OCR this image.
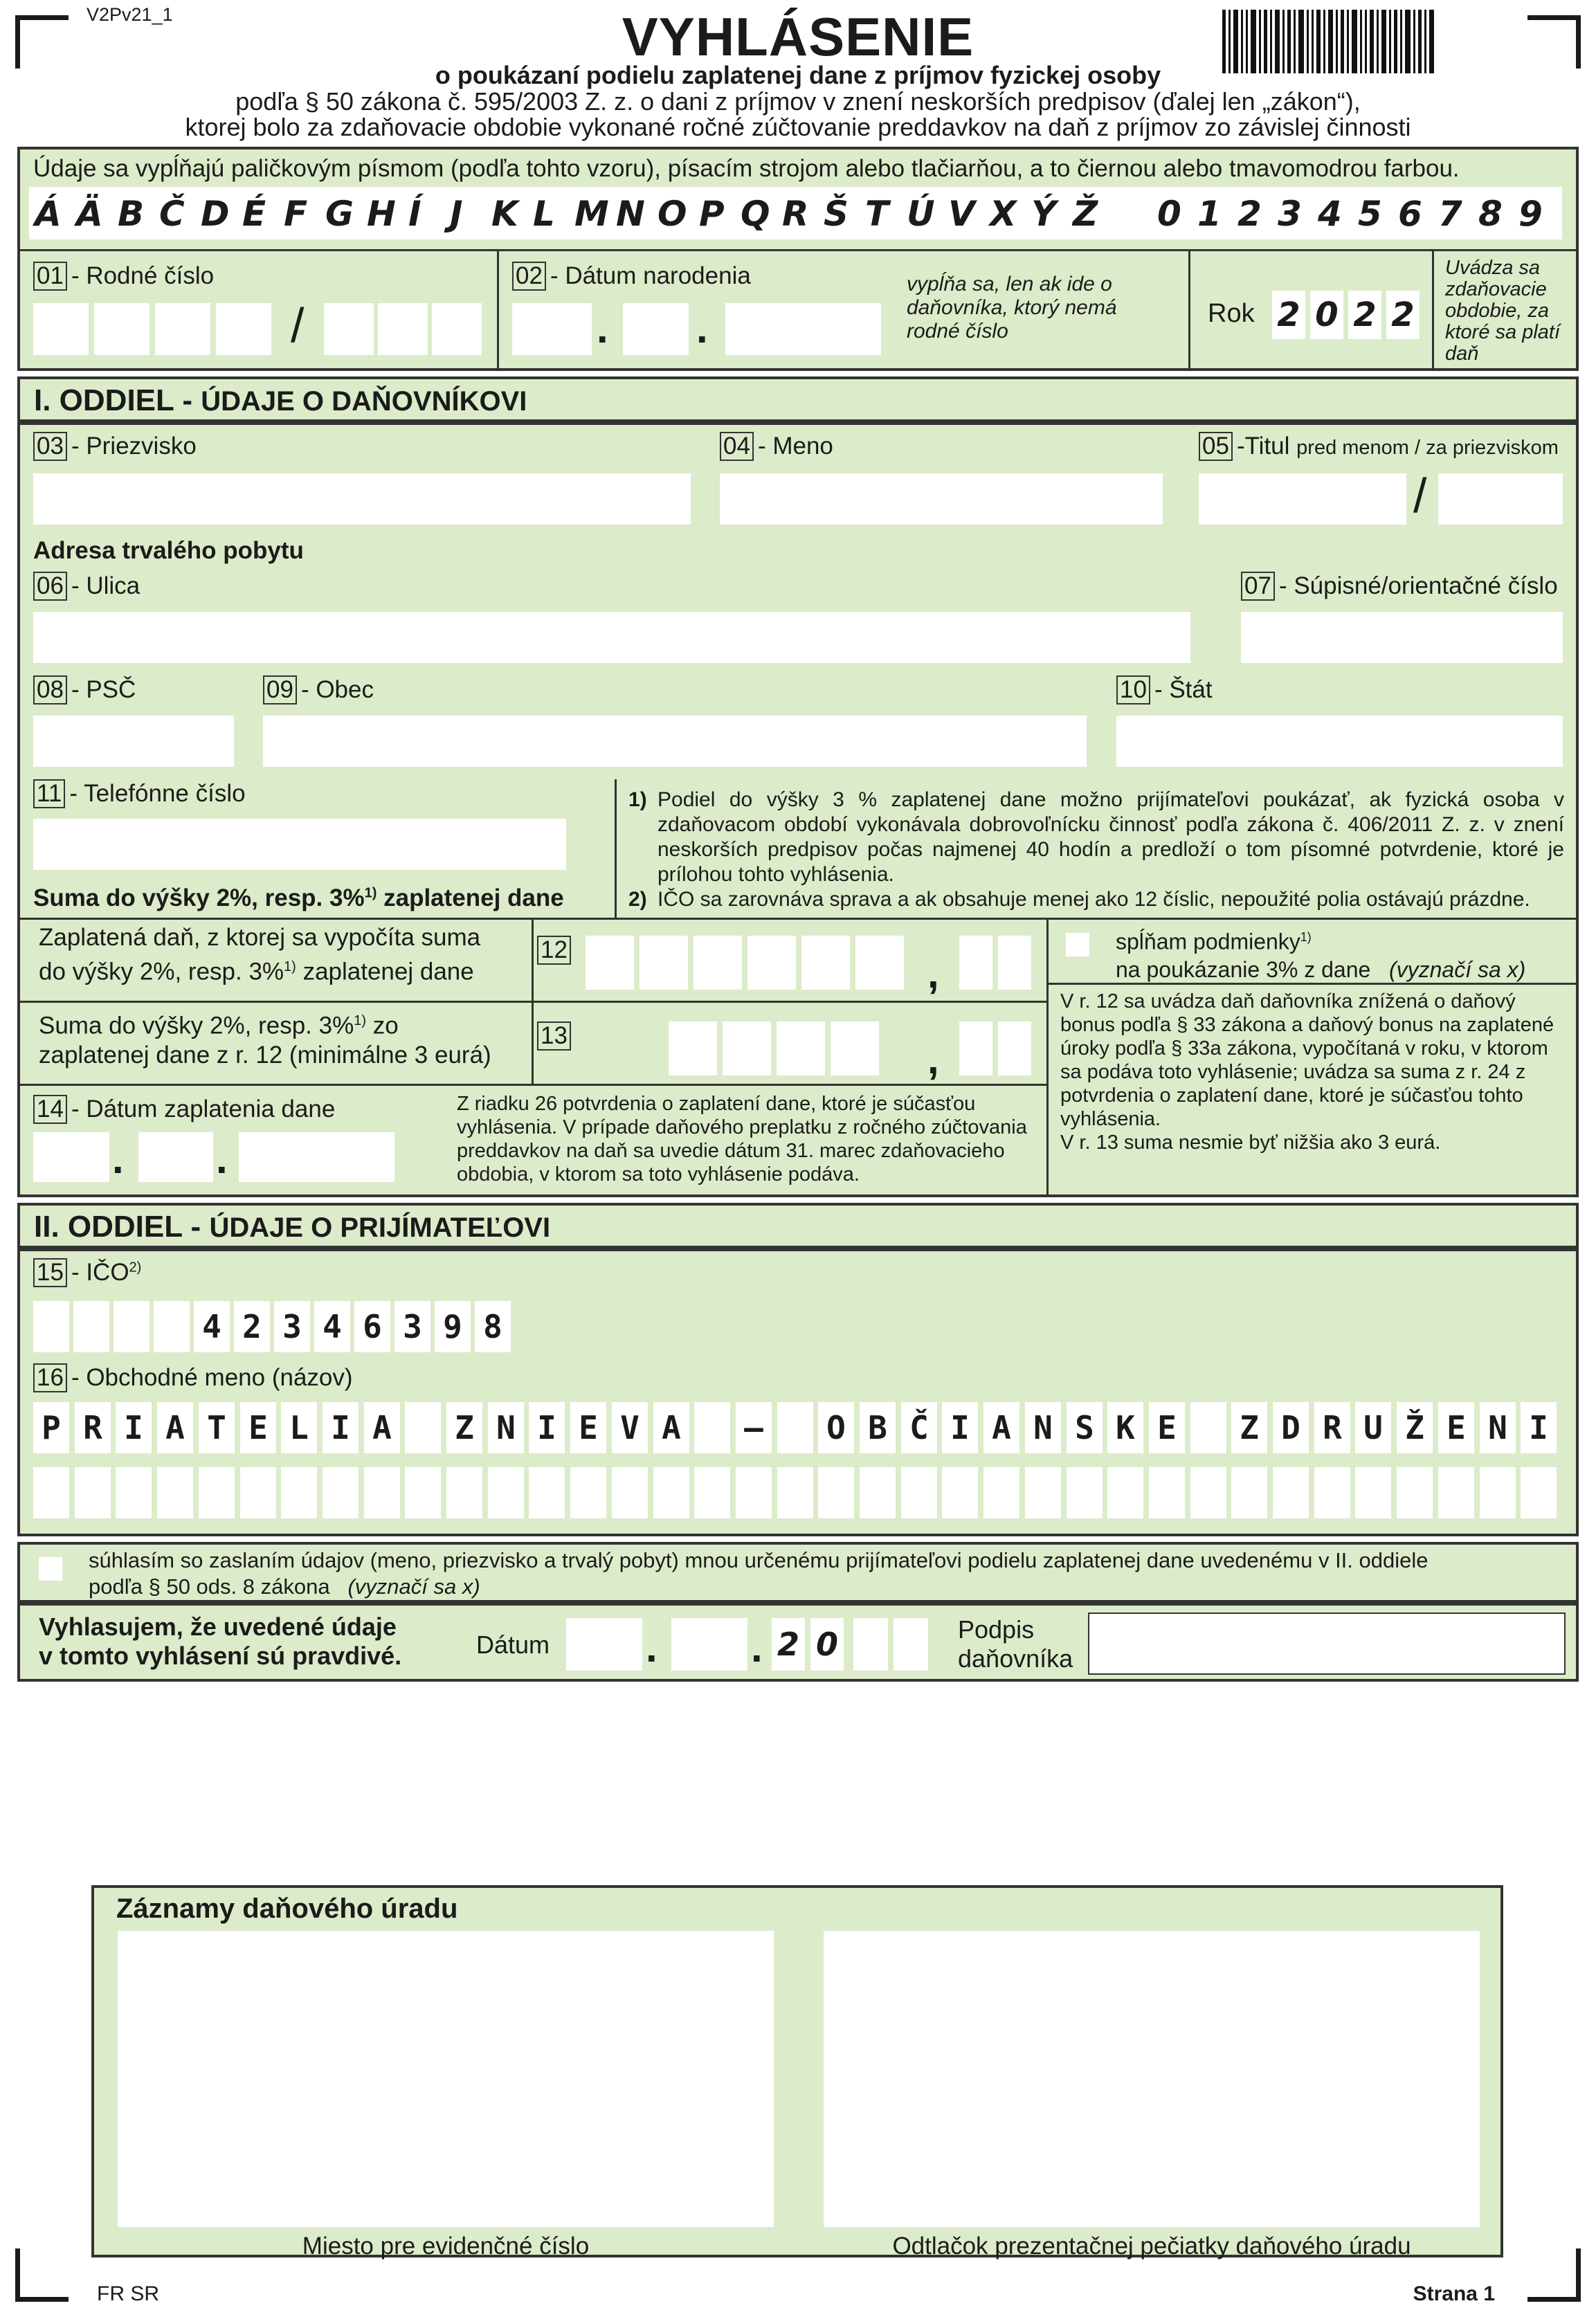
V2Pv21_1	VYHLÁSENIE
o poukázaní podielu zaplatenej dane z príjmov fyzickej osoby
podľa § 50 zákona č. 595/2003 Z. z. o dani z príjmov v znení neskorších predpisov (ďalej len „zákon“),
ktorej bolo za zdaňovacie obdobie vykonané ročné zúčtovanie preddavkov na daň z príjmov zo závislej činnosti
Údaje sa vypĺňajú paličkovým písmom (podľa tohto vzoru), písacím strojom alebo tlačiarňou, a to čiernou alebo tmavomodrou farbou.
Á Ä B Č D É F G H Í J K L M N O P Q R Š T Ú V X Ý Ž 0 1 2 3 4 5 6 7 8 9
01 - Rodné číslo
/
02 - Dátum narodenia
. .
vypĺňa sa, len ak ide o daňovníka, ktorý nemá rodné číslo
Rok 2 0 2 2
Uvádza sa zdaňovacie obdobie, za ktoré sa platí daň
I. ODDIEL - ÚDAJE O DAŇOVNÍKOVI
03 - Priezvisko	04 - Meno	05 -Titul pred menom / za priezviskom
/
Adresa trvalého pobytu
06 - Ulica	07 - Súpisné/orientačné číslo
08 - PSČ	09 - Obec	10 - Štát
11 - Telefónne číslo	1) Podiel do výšky 3 % zaplatenej dane možno prijímateľovi poukázať, ak fyzická osoba v zdaňovacom období vykonávala dobrovoľnícku činnosť podľa zákona č. 406/2011 Z. z. v znení neskorších predpisov počas najmenej 40 hodín a predloží o tom písomné potvrdenie, ktoré je prílohou tohto vyhlásenia.
2) IČO sa zarovnáva sprava a ak obsahuje menej ako 12 číslic, nepoužité polia ostávajú prázdne.
Suma do výšky 2%, resp. 3%$^{1)}$ zaplatenej dane
Zaplatená daň, z ktorej sa vypočíta suma
do výšky 2%, resp. 3%$^{1)}$ zaplatenej dane
12
,
Suma do výšky 2%, resp. 3%$^{1)}$ zo
zaplatenej dane z r. 12 (minimálne 3 eurá)
13
,
spĺňam podmienky$^{1)}$
na poukázanie 3% z dane (vyznačí sa x)
V r. 12 sa uvádza daň daňovníka znížená o daňový bonus podľa § 33 zákona a daňový bonus na zaplatené úroky podľa § 33a zákona, vypočítaná v roku, v ktorom sa podáva toto vyhlásenie; uvádza sa suma z r. 24 z potvrdenia o zaplatení dane, ktoré je súčasťou tohto vyhlásenia.
V r. 13 suma nesmie byť nižšia ako 3 eurá.
14 - Dátum zaplatenia dane
. .
Z riadku 26 potvrdenia o zaplatení dane, ktoré je súčasťou vyhlásenia. V prípade daňového preplatku z ročného zúčtovania preddavkov na daň sa uvedie dátum 31. marec zdaňovacieho obdobia, v ktorom sa toto vyhlásenie podáva.
II. ODDIEL - ÚDAJE O PRIJÍMATEĽOVI
15 - IČO$^{2)}$
4 2 3 4 6 3 9 8
16 - Obchodné meno (názov)
P R I A T E L I A Z N I E V A – O B Č I A N S K E Z D R U Ž E N I
súhlasím so zaslaním údajov (meno, priezvisko a trvalý pobyt) mnou určenému prijímateľovi podielu zaplatenej dane uvedenému v II. oddiele
podľa § 50 ods. 8 zákona (vyznačí sa x)
Vyhlasujem, že uvedené údaje
v tomto vyhlásení sú pravdivé.	Dátum . . 2 0	Podpis
daňovníka
Záznamy daňového úradu
Miesto pre evidenčné číslo	Odtlačok prezentačnej pečiatky daňového úradu
FR SR	Strana 1
